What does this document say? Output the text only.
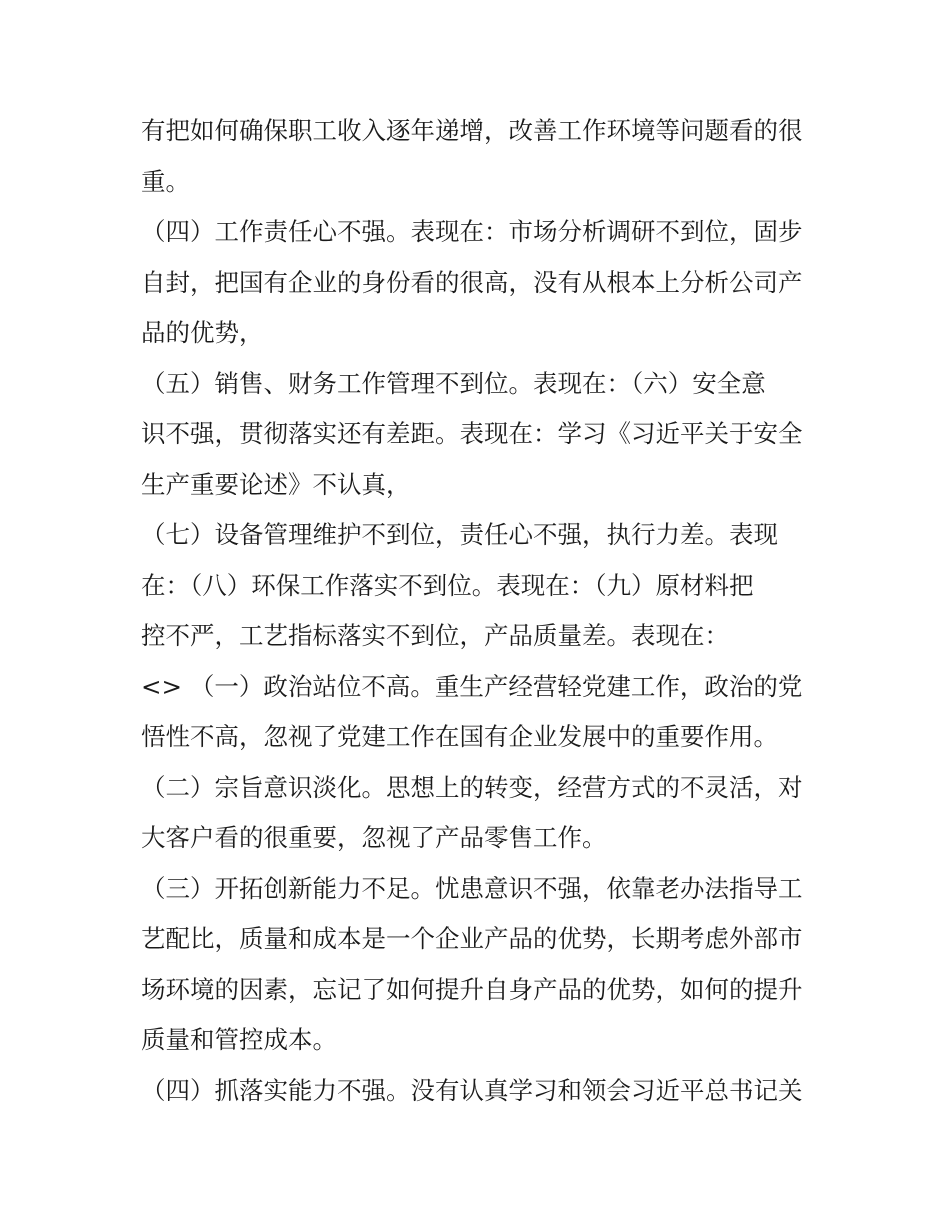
有把如何确保职工收入逐年递增，改善工作环境等问题看的很
重。
（四）工作责任心不强。表现在：市场分析调研不到位，固步
自封，把国有企业的身份看的很高，没有从根本上分析公司产
品的优势，
（五）销售、财务工作管理不到位。表现在：（六）安全意
识不强，贯彻落实还有差距。表现在：学习《习近平关于安全
生产重要论述》不认真，
（七）设备管理维护不到位，责任心不强，执行力差。表现
在：（八）环保工作落实不到位。表现在：（九）原材料把
控不严，工艺指标落实不到位，产品质量差。表现在：
<> （一）政治站位不高。重生产经营轻党建工作，政治的党
悟性不高，忽视了党建工作在国有企业发展中的重要作用。
（二）宗旨意识淡化。思想上的转变，经营方式的不灵活，对
大客户看的很重要，忽视了产品零售工作。
（三）开拓创新能力不足。忧患意识不强，依靠老办法指导工
艺配比，质量和成本是一个企业产品的优势，长期考虑外部市
场环境的因素，忘记了如何提升自身产品的优势，如何的提升
质量和管控成本。
（四）抓落实能力不强。没有认真学习和领会习近平总书记关
